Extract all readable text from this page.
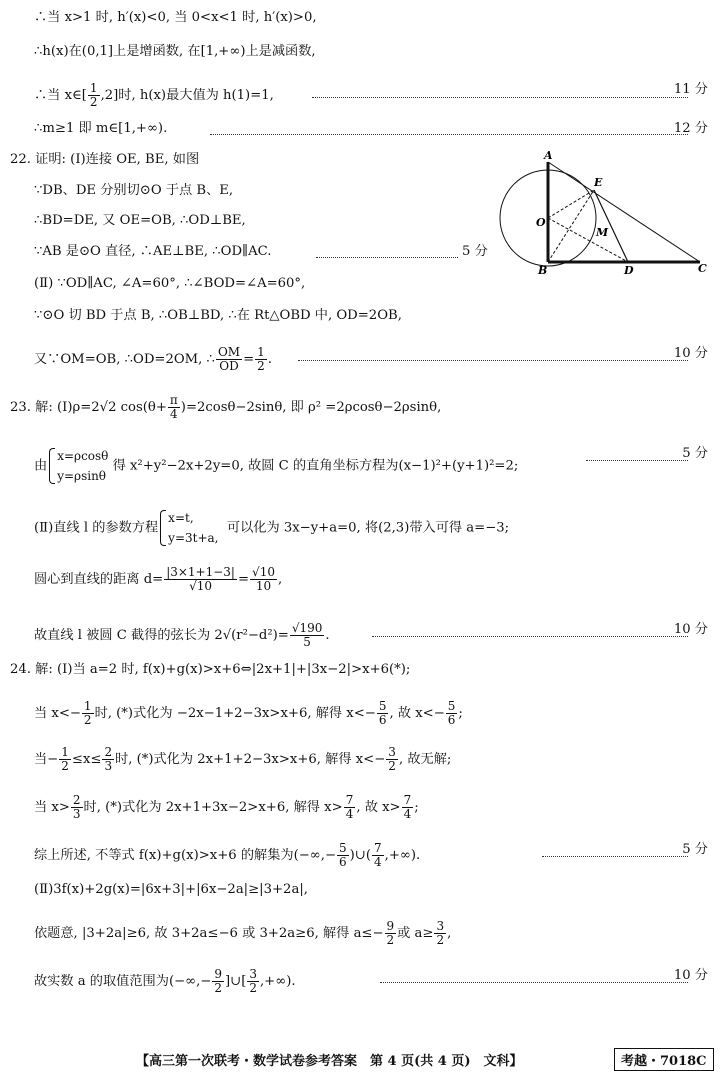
∴当 x>1 时, h′(x)<0, 当 0<x<1 时, h′(x)>0,
∴h(x)在(0,1]上是增函数, 在[1,+∞)上是减函数,
∴当 x∈[ $\frac{1}{2} ,2$]时, h(x)最大值为 h(1)=1,	11 分
∴m≥1 即 m∈[1,+∞).	12 分
22. 证明: (Ⅰ)连接 OE, BE, 如图
∵DB、DE 分别切⊙O 于点 B、E,
∴BD=DE, 又 OE=OB, ∴OD⊥BE,
∵AB 是⊙O 直径, ∴AE⊥BE, ∴OD∥AC.	5 分
(Ⅱ) ∵OD∥AC, ∠A=60°, ∴∠BOD=∠A=60°,
∵⊙O 切 BD 于点 B, ∴OB⊥BD, ∴在 Rt△OBD 中, OD=2OB,
又∵OM=OB, ∴OD=2OM, ∴ $\frac{OM}{OD} = \frac{1}{2}$ .	10 分
A
E
O
M
B	D	C
23. 解: (Ⅰ)ρ=2√2 $\cos(\theta+ \frac{\pi}{4} )=2\cos\theta-2\sin\theta$, 即 ρ² =2ρcosθ−2ρsinθ,
由
x=ρcosθ
y=ρsinθ
得 x²+y²−2x+2y=0, 故圆 C 的直角坐标方程为(x−1)²+(y+1)²=2;
5 分
(Ⅱ)直线 l 的参数方程
x=t,
y=3t+a,
可以化为 3x−y+a=0, 将(2,3)带入可得 a=−3;
圆心到直线的距离 $d= \frac{|3\times 1+1-3|}{√10} = \frac{√10}{10}$ ,
故直线 l 被圆 C 截得的弦长为 $2√(r^2-d^2)= \frac{√190}{5}$ .	10 分
24. 解: (Ⅰ)当 a=2 时, f(x)+g(x)>x+6⇔|2x+1|+|3x−2|>x+6(*);
当 $x<- \frac{1}{2}$ 时, (*)式化为 −2x−1+2−3x>x+6, 解得 $x<- \frac{5}{6}$ , 故 $x<- \frac{5}{6}$ ;
当− $\frac{1}{2} \le x\le \frac{2}{3}$ 时, (*)式化为 2x+1+2−3x>x+6, 解得 $x<- \frac{3}{2}$ , 故无解;
当 $x> \frac{2}{3}$ 时, (*)式化为 2x+1+3x−2>x+6, 解得 $x> \frac{7}{4}$ , 故 $x> \frac{7}{4}$ ;
综上所述, 不等式 f(x)+g(x)>x+6 的解集为(−∞,− $\frac{5}{6}$ )∪( $\frac{7}{4}$ ,+∞).	5 分
(Ⅱ)3f(x)+2g(x)=|6x+3|+|6x−2a|≥|3+2a|,
依题意, |3+2a|≥6, 故 3+2a≤−6 或 3+2a≥6, 解得 $a\le- \frac{9}{2}$ 或 $a\ge \frac{3}{2}$ ,
故实数 a 的取值范围为(−∞,− $\frac{9}{2}$ ]∪[ $\frac{3}{2}$ ,+∞).	10 分
【高三第一次联考・数学试卷参考答案　第 4 页(共 4 页)　文科】	考越・7018C
